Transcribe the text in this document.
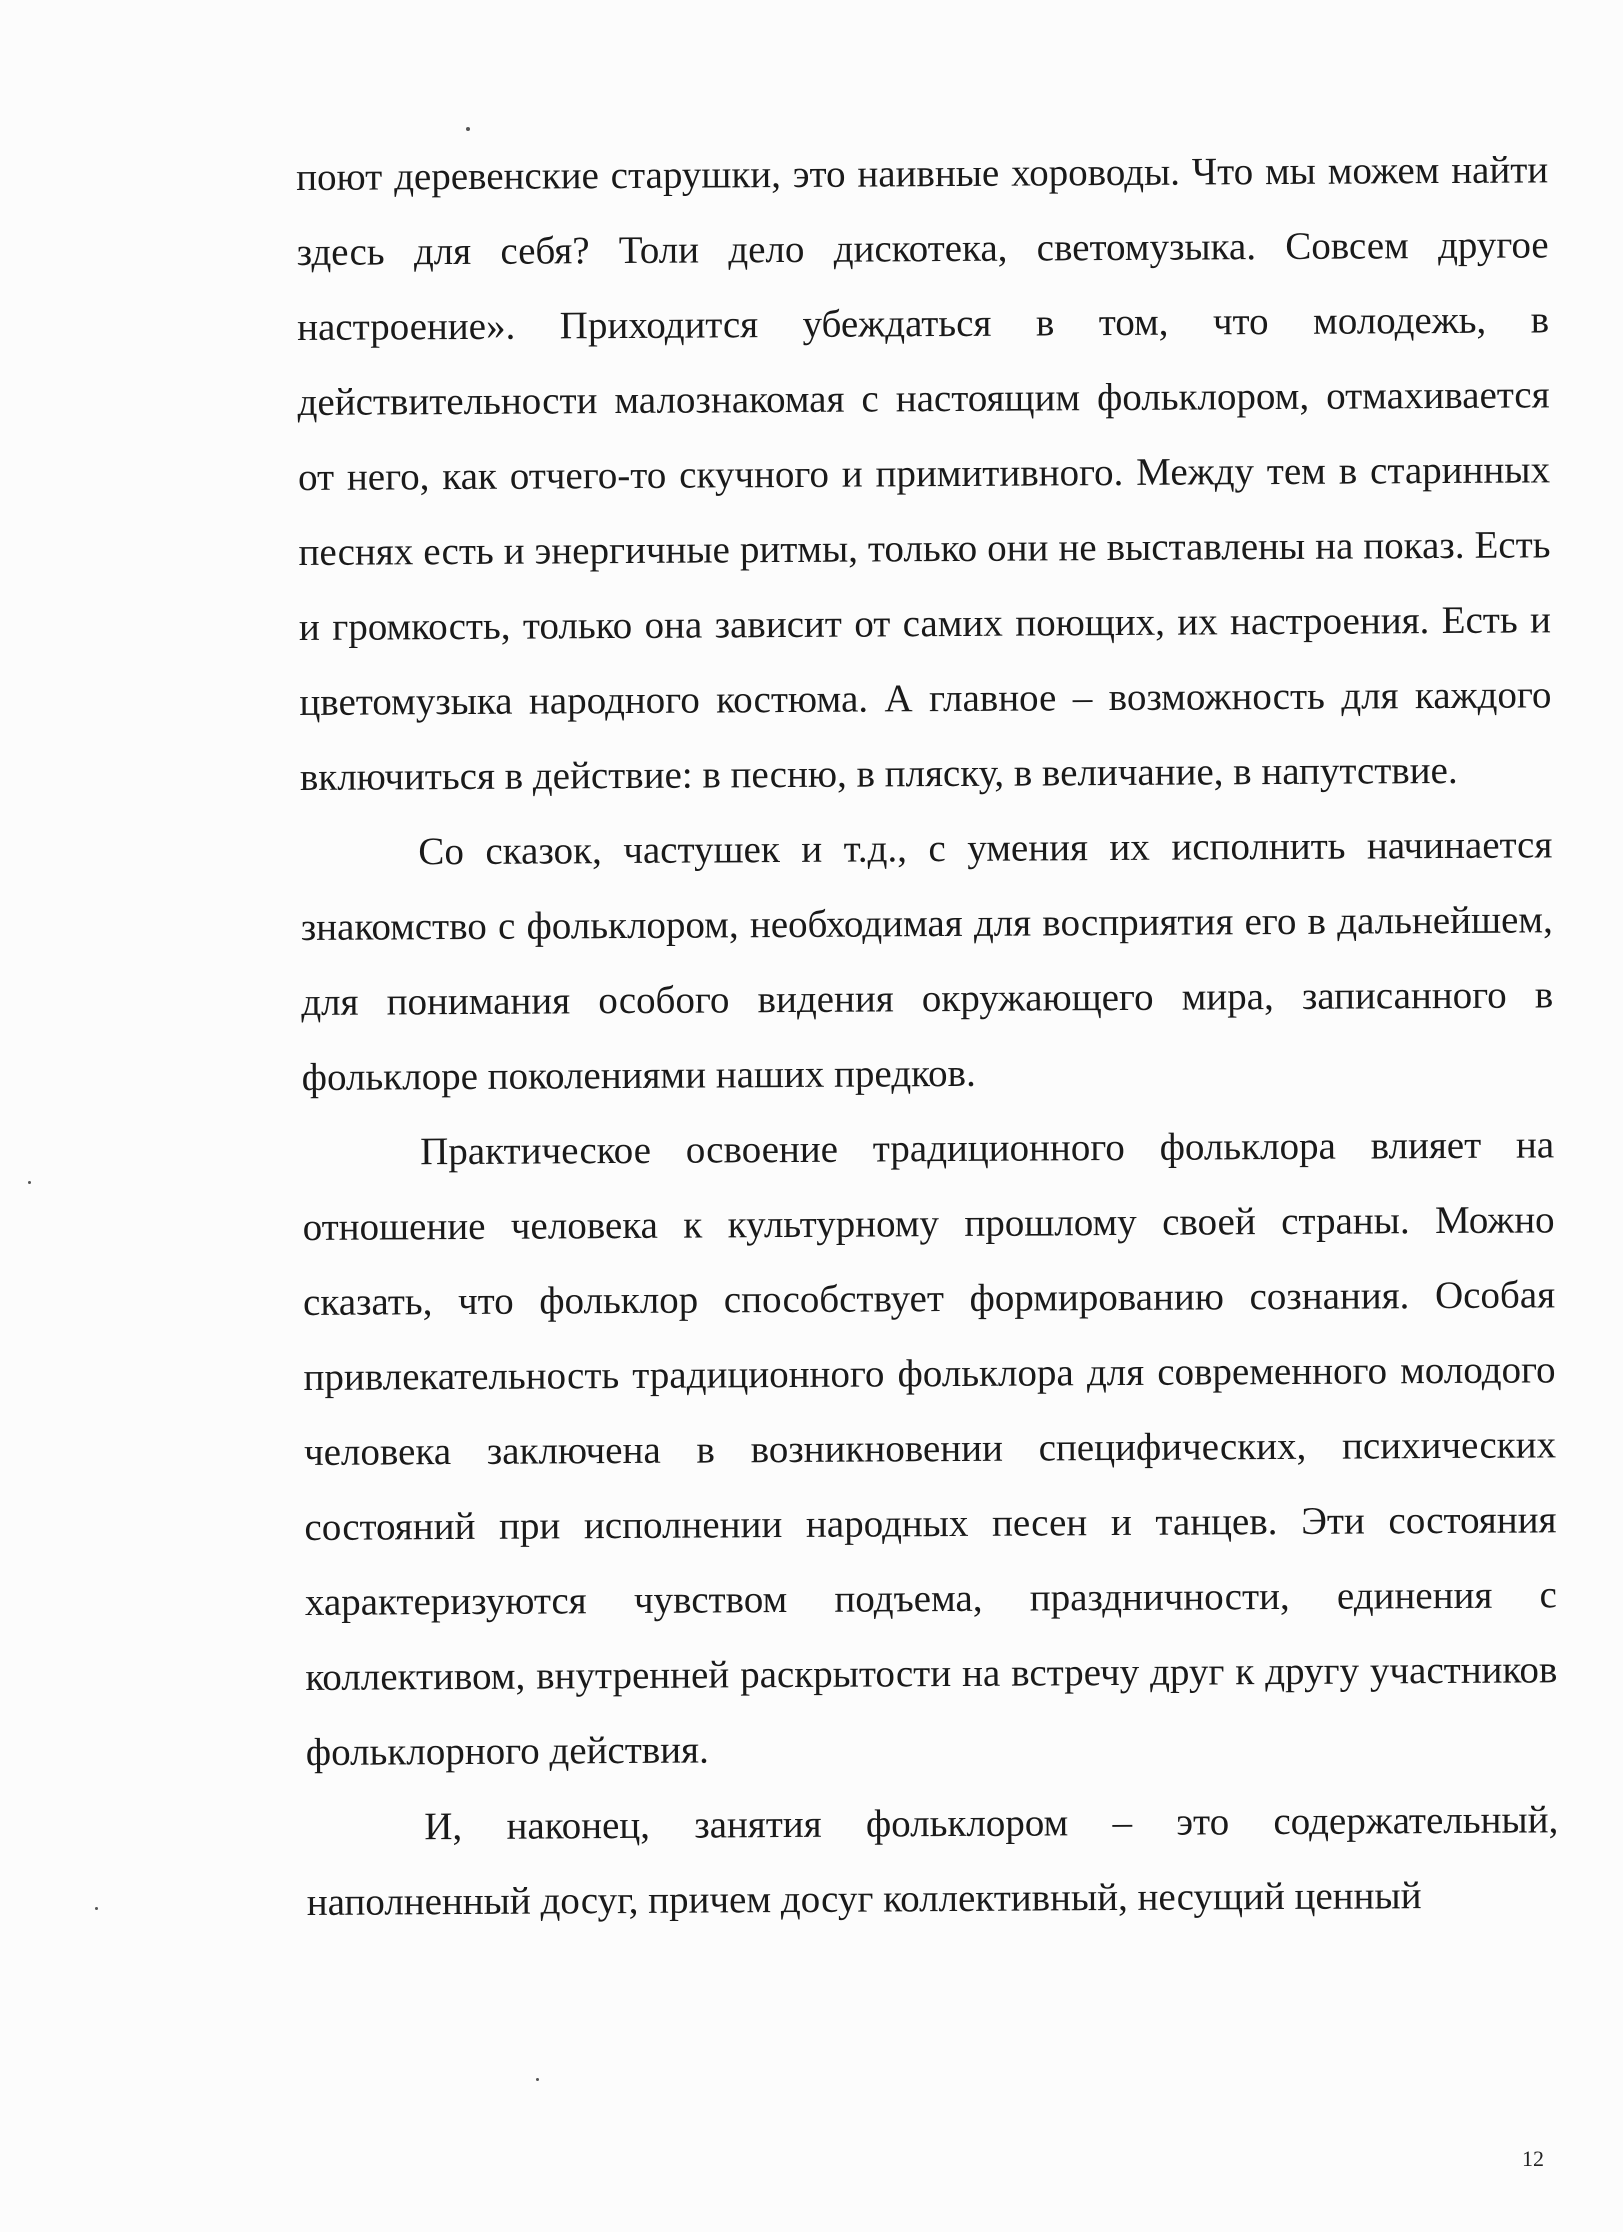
поют деревенские старушки, это наивные хороводы. Что мы можем найти здесь для себя? Толи дело дискотека, светомузыка. Совсем другое настроение». Приходится убеждаться в том, что молодежь, в действительности малознакомая с настоящим фольклором, отмахивается от него, как отчего-то скучного и примитивного. Между тем в старинных песнях есть и энергичные ритмы, только они не выставлены на показ. Есть и громкость, только она зависит от самих поющих, их настроения. Есть и цветомузыка народного костюма. А главное – возможность для каждого включиться в действие: в песню, в пляску, в величание, в напутствие.

Со сказок, частушек и т.д., с умения их исполнить начинается знакомство с фольклором, необходимая для восприятия его в дальнейшем, для понимания особого видения окружающего мира, записанного в фольклоре поколениями наших предков.

Практическое освоение традиционного фольклора влияет на отношение человека к культурному прошлому своей страны. Можно сказать, что фольклор способствует формированию сознания. Особая привлекательность традиционного фольклора для современного молодого человека заключена в возникновении специфических, психических состояний при исполнении народных песен и танцев. Эти состояния характеризуются чувством подъема, праздничности, единения с коллективом, внутренней раскрытости на встречу друг к другу участников фольклорного действия.

И, наконец, занятия фольклором – это содержательный, наполненный досуг, причем досуг коллективный, несущий ценный

12
